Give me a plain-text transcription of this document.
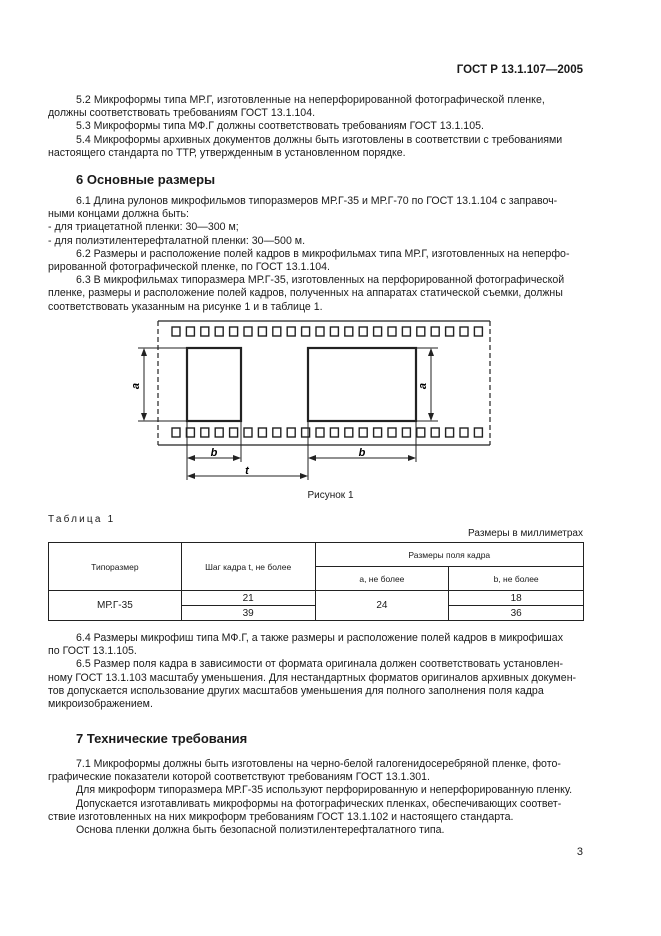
ГОСТ Р 13.1.107—2005
5.2 Микроформы типа МР.Г, изготовленные на неперфорированной фотографической пленке,
должны соответствовать требованиям ГОСТ 13.1.104.
5.3 Микроформы типа МФ.Г должны соответствовать требованиям ГОСТ 13.1.105.
5.4 Микроформы архивных документов должны быть изготовлены в соответствии с требованиями
настоящего стандарта по ТТР, утвержденным в установленном порядке.
6 Основные размеры
6.1 Длина рулонов микрофильмов типоразмеров МР.Г-35 и МР.Г-70 по ГОСТ 13.1.104 с заправоч-
ными концами должна быть:
- для триацетатной пленки: 30—300 м;
- для полиэтилентерефталатной пленки: 30—500 м.
6.2 Размеры и расположение полей кадров в микрофильмах типа МР.Г, изготовленных на неперфо-
рированной фотографической пленке, по ГОСТ 13.1.104.
6.3 В микрофильмах типоразмера МР.Г-35, изготовленных на перфорированной фотографической
пленке, размеры и расположение полей кадров, полученных на аппаратах статической съемки, должны
соответствовать указанным на рисунке 1 и в таблице 1.
a	a
b	b
t
Рисунок 1
Таблица 1
Размеры в миллиметрах
Типоразмер	Шаг кадра t, не более	Размеры поля кадра	
		a, не более	b, не более
МР.Г-35	21	24	18
	39		36
6.4 Размеры микрофиш типа МФ.Г, а также размеры и расположение полей кадров в микрофишах
по ГОСТ 13.1.105.
6.5 Размер поля кадра в зависимости от формата оригинала должен соответствовать установлен-
ному ГОСТ 13.1.103 масштабу уменьшения. Для нестандартных форматов оригиналов архивных докумен-
тов допускается использование других масштабов уменьшения для полного заполнения поля кадра
микроизображением.
7 Технические требования
7.1 Микроформы должны быть изготовлены на черно-белой галогенидосеребряной пленке, фото-
графические показатели которой соответствуют требованиям ГОСТ 13.1.301.
Для микроформ типоразмера МР.Г-35 используют перфорированную и неперфорированную пленку.
Допускается изготавливать микроформы на фотографических пленках, обеспечивающих соответ-
ствие изготовленных на них микроформ требованиям ГОСТ 13.1.102 и настоящего стандарта.
Основа пленки должна быть безопасной полиэтилентерефталатного типа.
3
